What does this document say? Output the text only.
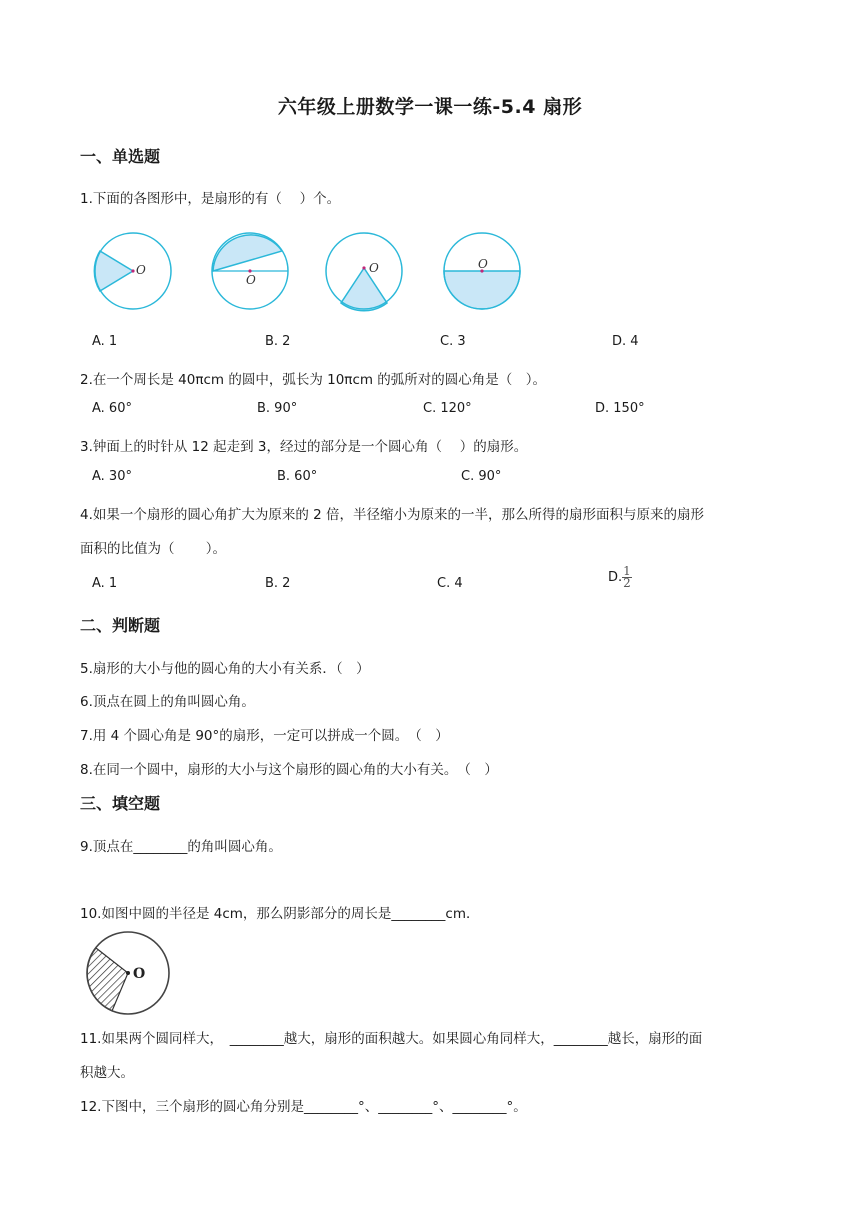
六年级上册数学一课一练-5.4 扇形
一、单选题
1.下面的各图形中，是扇形的有（　 ）个。
O
O
O	O
A. 1	B. 2	C. 3	D. 4
2.在一个周长是 40πcm 的圆中，弧长为 10πcm 的弧所对的圆心角是（　）。
A. 60°	B. 90°	C. 120°	D. 150°
3.钟面上的时针从 12 起走到 3，经过的部分是一个圆心角（　 ）的扇形。
A. 30°	B. 60°	C. 90°
4.如果一个扇形的圆心角扩大为原来的 2 倍，半径缩小为原来的一半，那么所得的扇形面积与原来的扇形
面积的比值为（　　 ）。
A. 1	B. 2	C. 4	D. $\frac{1}{2}$
二、判断题
5.扇形的大小与他的圆心角的大小有关系．（　）
6.顶点在圆上的角叫圆心角。
7.用 4 个圆心角是 90°的扇形，一定可以拼成一个圆。　（　）
8.在同一个圆中，扇形的大小与这个扇形的圆心角的大小有关。　（　）
三、填空题
9.顶点在________的角叫圆心角。
10.如图中圆的半径是 4cm，那么阴影部分的周长是________cm．
O
11.如果两个圆同样大，　________越大，扇形的面积越大。如果圆心角同样大，________越长，扇形的面
积越大。
12.下图中，三个扇形的圆心角分别是________°、________°、________°。
